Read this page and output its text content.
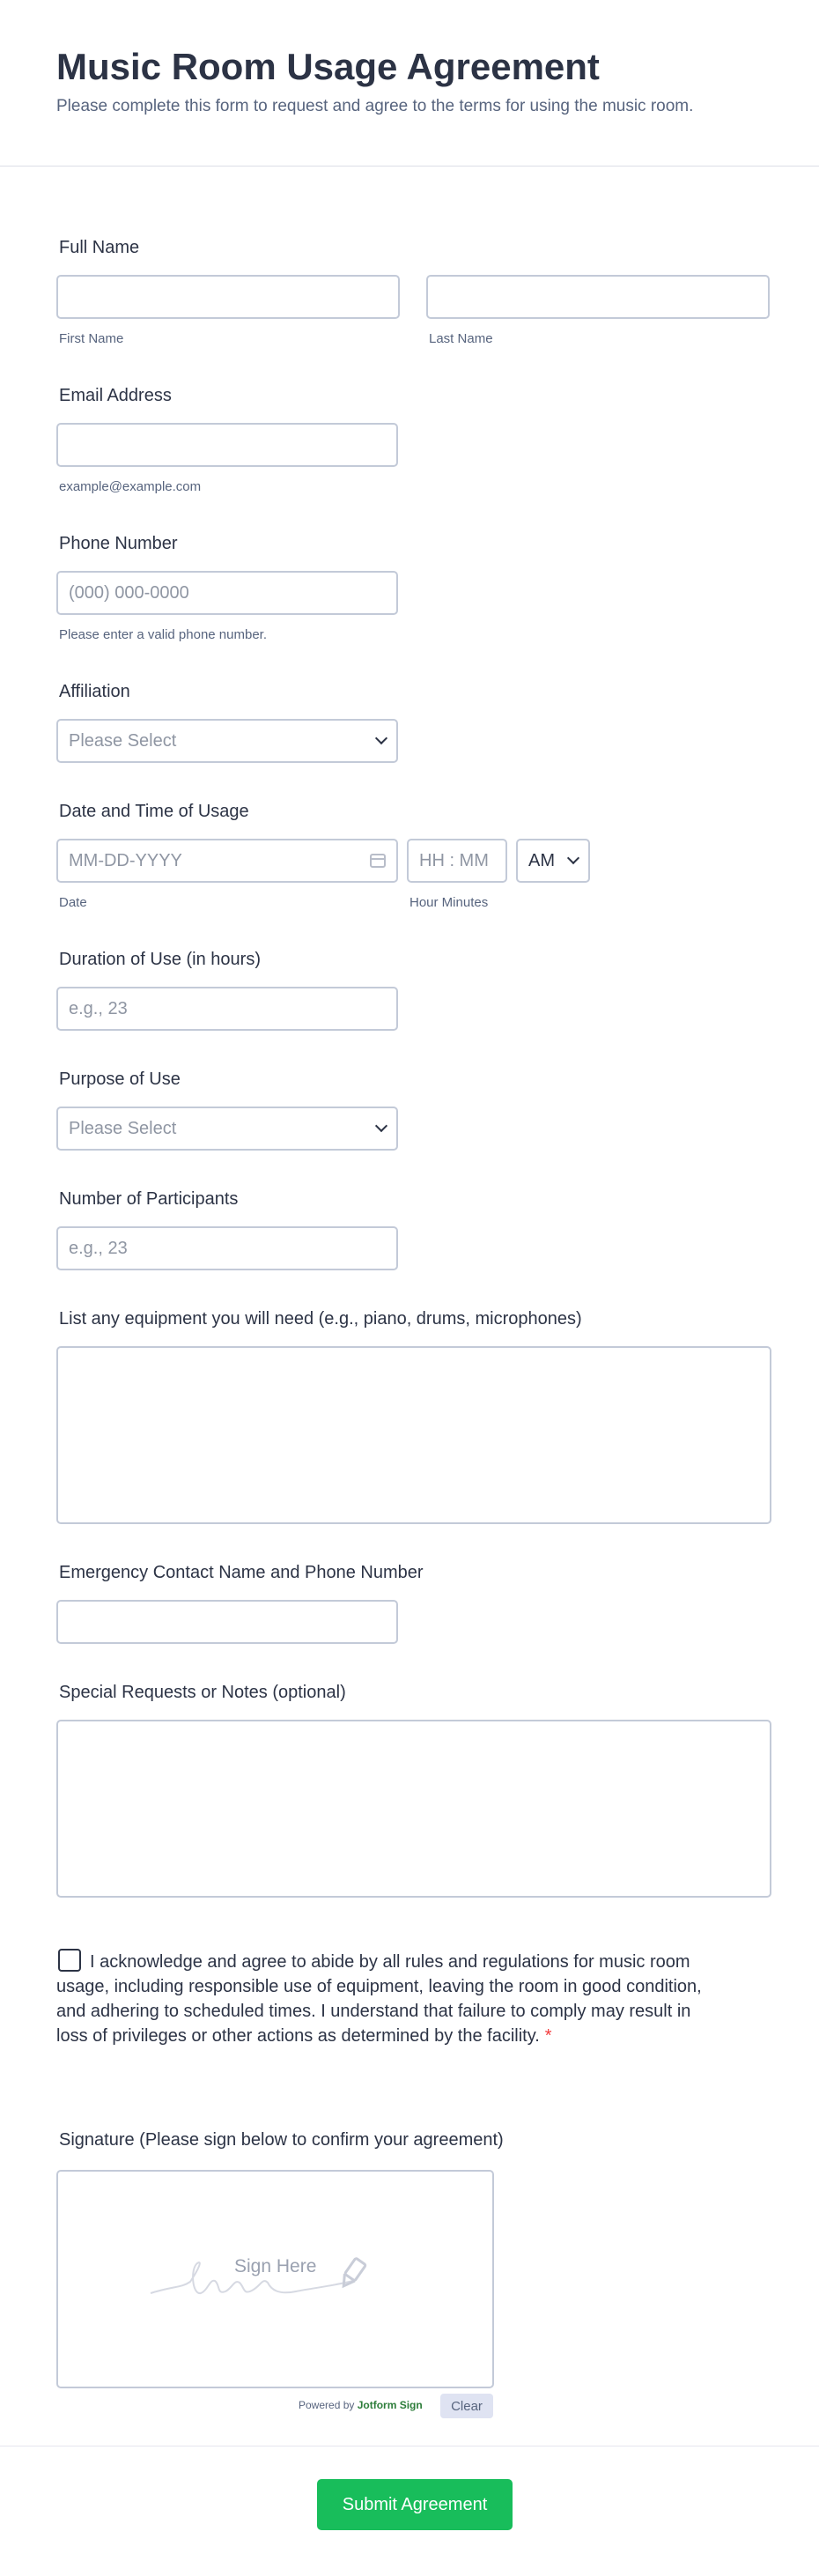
Music Room Usage Agreement
Please complete this form to request and agree to the terms for using the music room.
Full Name
First Name	Last Name
Email Address
example@example.com
Phone Number
(000) 000-0000
Please enter a valid phone number.
Affiliation
Please Select
Date and Time of Usage
MM-DD-YYYY	HH : MM AM
Date	Hour Minutes
Duration of Use (in hours)
e.g., 23
Purpose of Use
Please Select
Number of Participants
e.g., 23
List any equipment you will need (e.g., piano, drums, microphones)
Emergency Contact Name and Phone Number
Special Requests or Notes (optional)
I acknowledge and agree to abide by all rules and regulations for music room usage, including responsible use of equipment, leaving the room in good condition, and adhering to scheduled times. I understand that failure to comply may result in loss of privileges or other actions as determined by the facility. *
Signature (Please sign below to confirm your agreement)
Sign Here
Powered by Jotform Sign	Clear
Submit Agreement
